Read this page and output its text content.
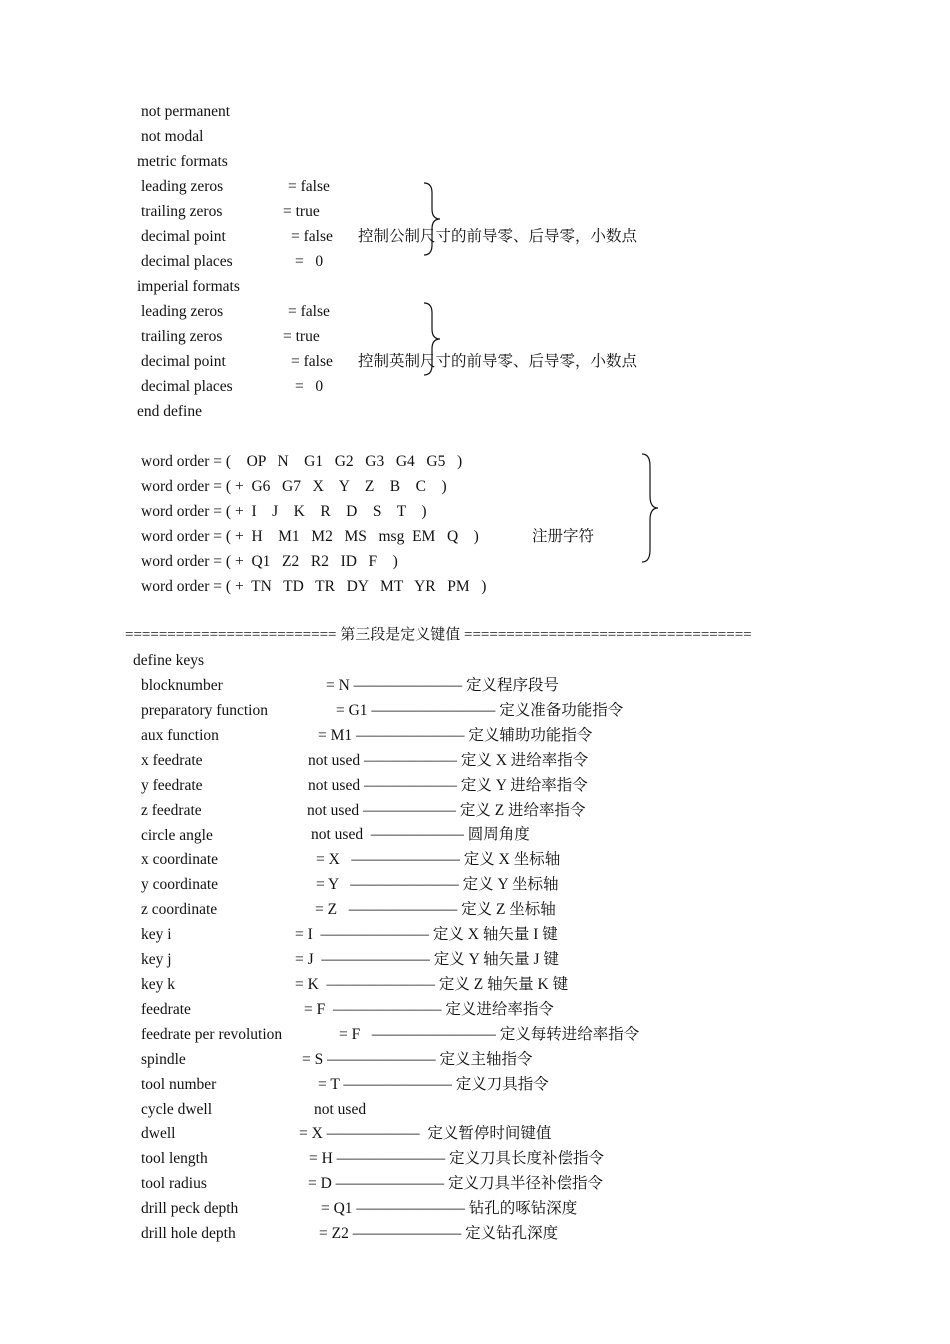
not permanent
not modal
metric formats
leading zeros	= false
trailing zeros	= true
decimal point	= false
decimal places	=   0
控制公制尺寸的前导零、后导零，小数点
imperial formats
leading zeros	= false
trailing zeros	= true
decimal point	= false
decimal places	=   0
控制英制尺寸的前导零、后导零，小数点
end define
word order = (    OP   N    G1   G2   G3   G4   G5   )
word order = ( +  G6   G7   X    Y    Z    B    C    )
word order = ( +  I    J    K    R    D    S    T    )
word order = ( +  H    M1   M2   MS   msg  EM   Q    )
word order = ( +  Q1   Z2   R2   ID   F    )
word order = ( +  TN   TD   TR   DY   MT   YR   PM   )
注册字符
========================= 第三段是定义键值 ==================================
define keys
blocknumber	= N ——————— 定义程序段号
preparatory function	= G1 ———————— 定义准备功能指令
aux function	= M1 ——————— 定义辅助功能指令
x feedrate	not used —————— 定义 X 进给率指令
y feedrate	not used —————— 定义 Y 进给率指令
z feedrate	not used —————— 定义 Z 进给率指令
circle angle	not used  —————— 圆周角度
x coordinate	= X   ——————— 定义 X 坐标轴
y coordinate	= Y   ——————— 定义 Y 坐标轴
z coordinate	= Z   ——————— 定义 Z 坐标轴
key i	= I  ——————— 定义 X 轴矢量 I 键
key j	= J  ——————— 定义 Y 轴矢量 J 键
key k	= K  ——————— 定义 Z 轴矢量 K 键
feedrate	= F  ——————— 定义进给率指令
feedrate per revolution	= F   ———————— 定义每转进给率指令
spindle	= S ——————— 定义主轴指令
tool number	= T ——————— 定义刀具指令
cycle dwell	not used
dwell	= X ——————  定义暂停时间键值
tool length	= H ——————— 定义刀具长度补偿指令
tool radius	= D ——————— 定义刀具半径补偿指令
drill peck depth	= Q1 ——————— 钻孔的啄钻深度
drill hole depth	= Z2 ——————— 定义钻孔深度
